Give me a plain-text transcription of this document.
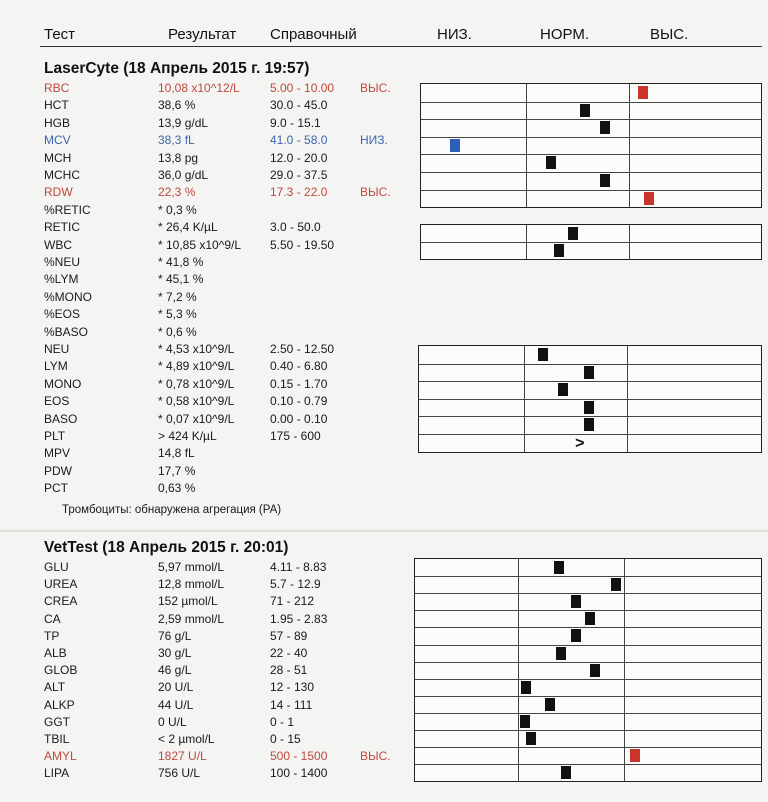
Тест	Результат Справочный	НИЗ.	НОРМ.	ВЫС.
LaserCyte (18 Апрель 2015 г. 19:57)
RBC	10,08 x10^12/L	5.00 - 10.00	ВЫС.
HCT	38,6 %	30.0 - 45.0
HGB	13,9 g/dL	9.0 - 15.1
MCV	38,3 fL	41.0 - 58.0	НИЗ.
MCH	13,8 pg	12.0 - 20.0
MCHC	36,0 g/dL	29.0 - 37.5
RDW	22,3 %	17.3 - 22.0	ВЫС.
%RETIC	* 0,3 %
RETIC	* 26,4 K/µL	3.0 - 50.0
WBC	* 10,85 x10^9/L	5.50 - 19.50
%NEU	* 41,8 %
%LYM	* 45,1 %
%MONO	* 7,2 %
%EOS	* 5,3 %
%BASO	* 0,6 %
NEU	* 4,53 x10^9/L	2.50 - 12.50
LYM	* 4,89 x10^9/L	0.40 - 6.80
MONO	* 0,78 x10^9/L	0.15 - 1.70
EOS	* 0,58 x10^9/L	0.10 - 0.79
BASO	* 0,07 x10^9/L	0.00 - 0.10
PLT	> 424 K/µL	175 - 600
MPV	14,8 fL
PDW	17,7 %
PCT	0,63 %
Тромбоциты: обнаружена агрегация (PA)
VetTest (18 Апрель 2015 г. 20:01)
GLU	5,97 mmol/L	4.11 - 8.83
UREA	12,8 mmol/L	5.7 - 12.9
CREA	152 µmol/L	71 - 212
CA	2,59 mmol/L	1.95 - 2.83
TP	76 g/L	57 - 89
ALB	30 g/L	22 - 40
GLOB	46 g/L	28 - 51
ALT	20 U/L	12 - 130
ALKP	44 U/L	14 - 111
GGT	0 U/L	0 - 1
TBIL	< 2 µmol/L	0 - 15
AMYL	1827 U/L	500 - 1500	ВЫС.
LIPA	756 U/L	100 - 1400
>
